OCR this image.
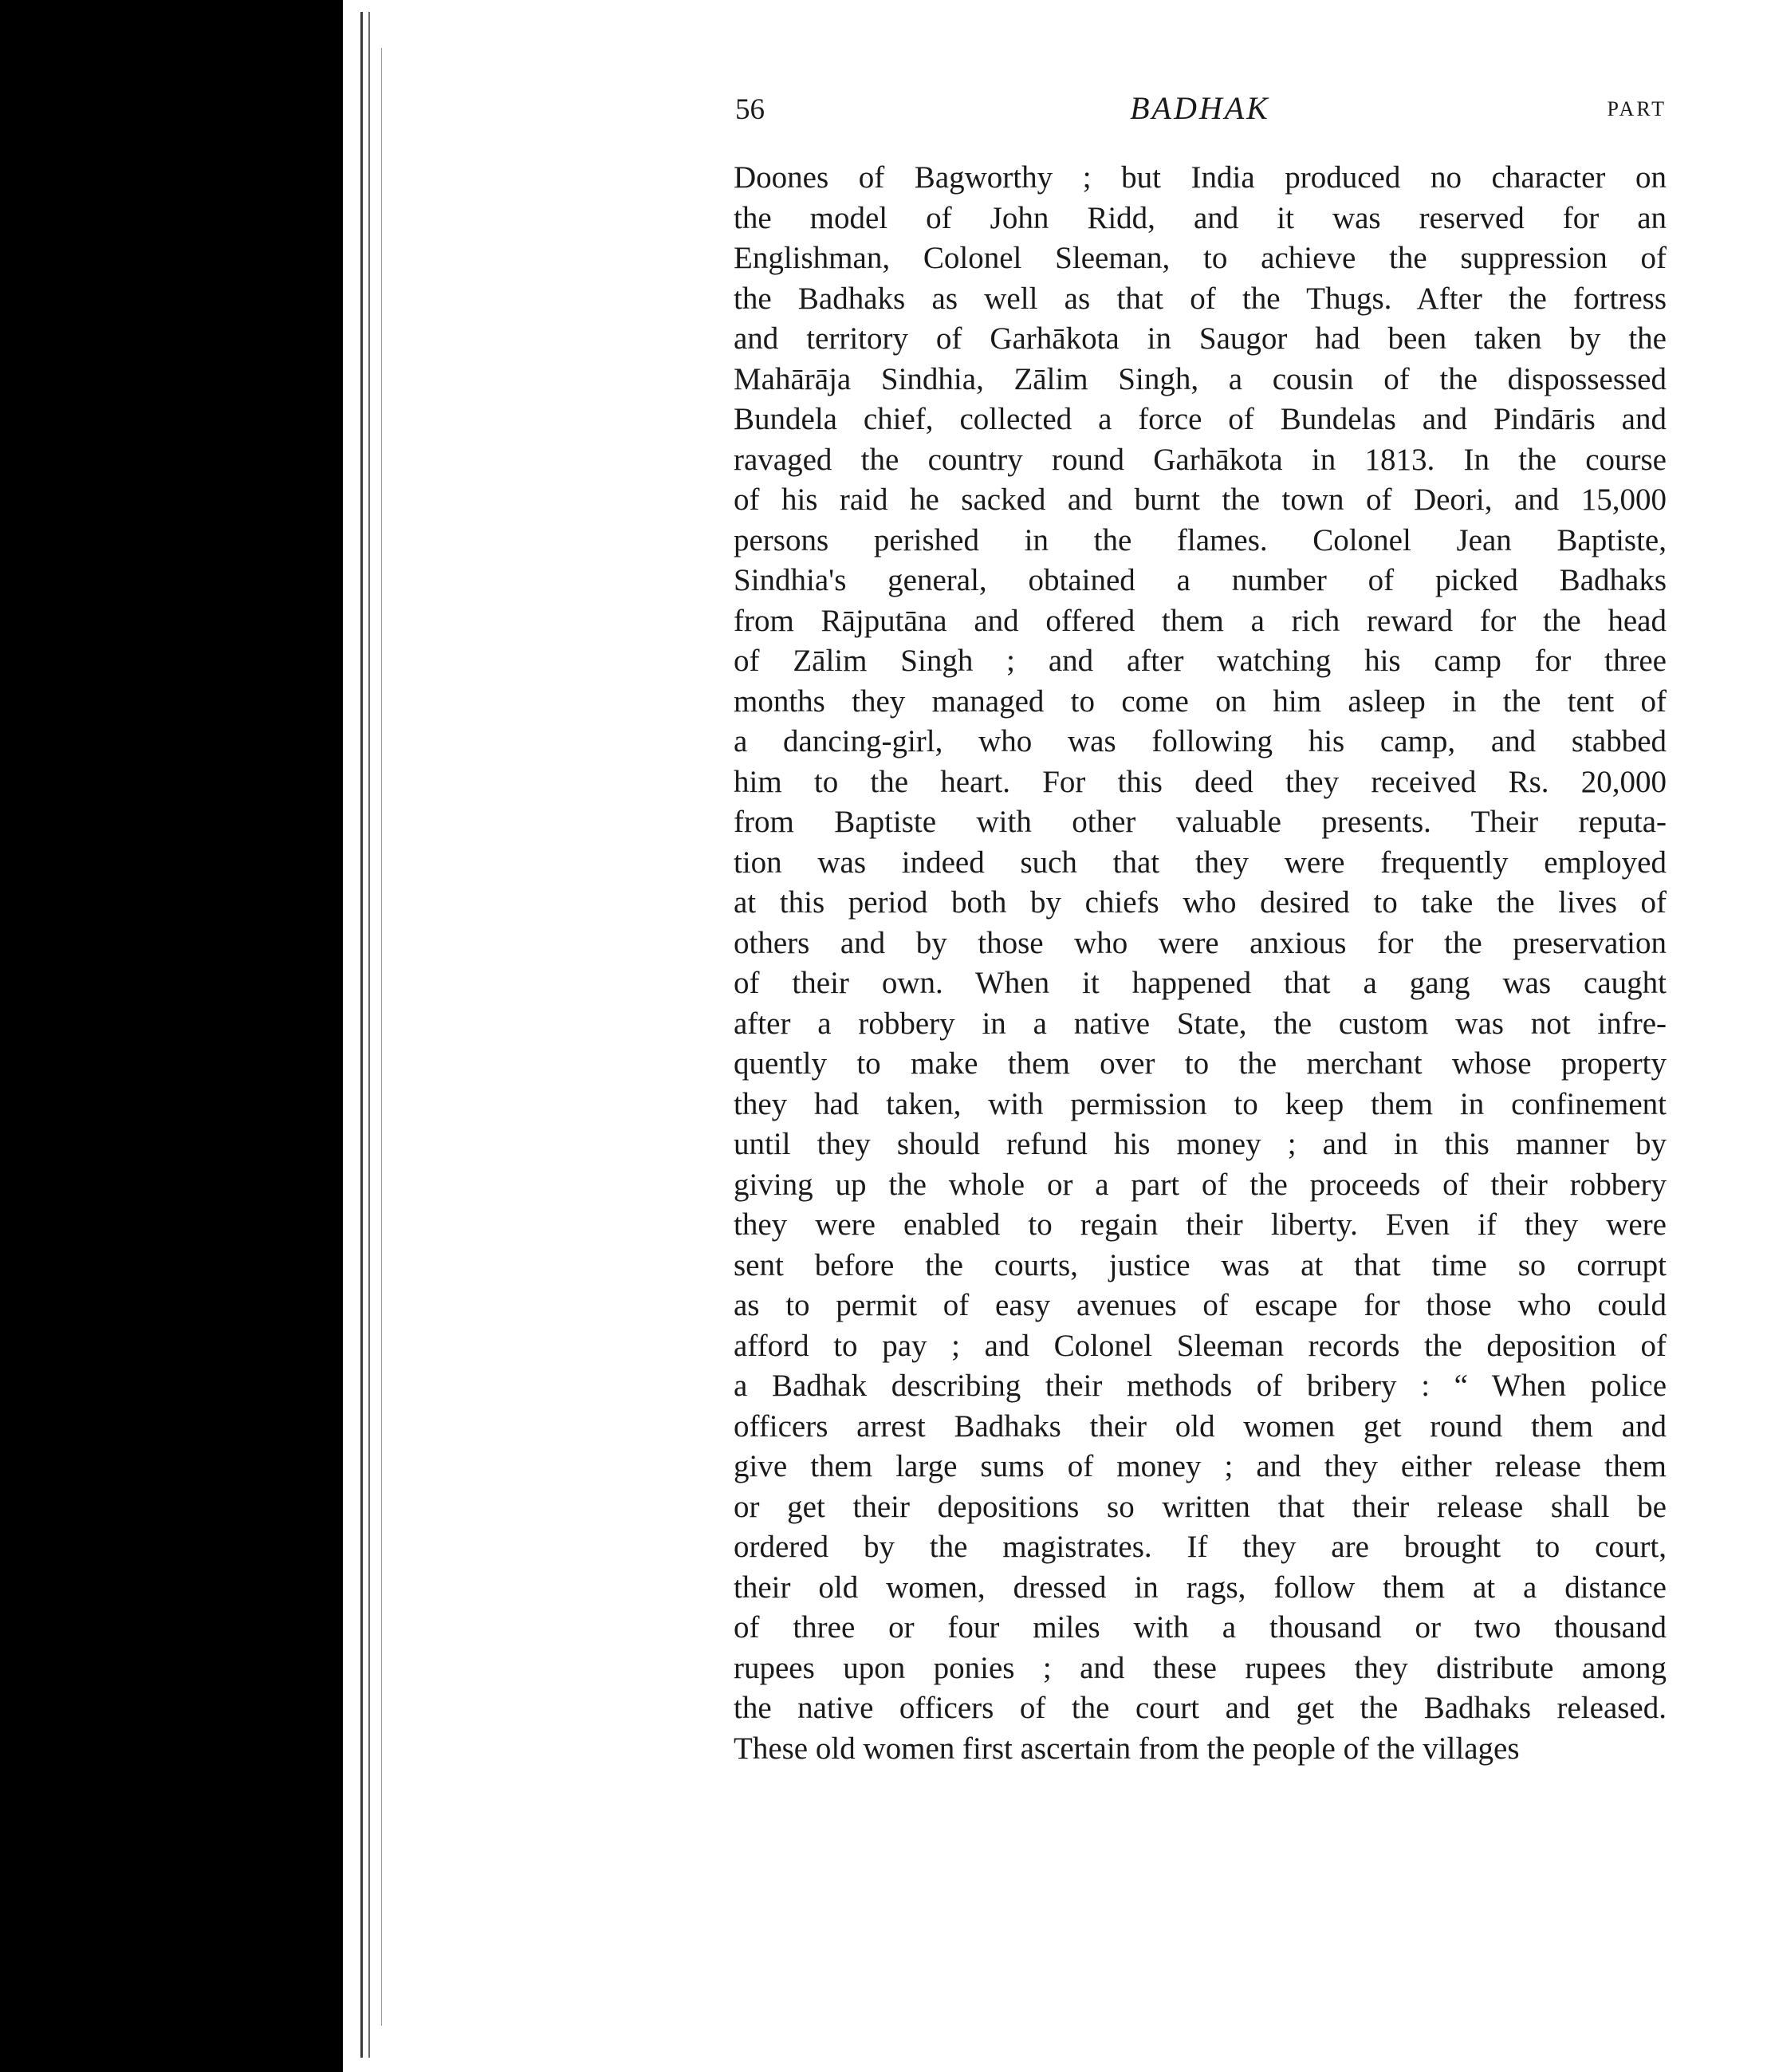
56	BADHAK	PART
Doones of Bagworthy ; but India produced no character on
the model of John Ridd, and it was reserved for an
Englishman, Colonel Sleeman, to achieve the suppression of
the Badhaks as well as that of the Thugs. After the fortress
and territory of Garhākota in Saugor had been taken by the
Mahārāja Sindhia, Zālim Singh, a cousin of the dispossessed
Bundela chief, collected a force of Bundelas and Pindāris and
ravaged the country round Garhākota in 1813. In the course
of his raid he sacked and burnt the town of Deori, and 15,000
persons perished in the flames. Colonel Jean Baptiste,
Sindhia's general, obtained a number of picked Badhaks
from Rājputāna and offered them a rich reward for the head
of Zālim Singh ; and after watching his camp for three
months they managed to come on him asleep in the tent of
a dancing-girl, who was following his camp, and stabbed
him to the heart. For this deed they received Rs. 20,000
from Baptiste with other valuable presents. Their reputa-
tion was indeed such that they were frequently employed
at this period both by chiefs who desired to take the lives of
others and by those who were anxious for the preservation
of their own. When it happened that a gang was caught
after a robbery in a native State, the custom was not infre-
quently to make them over to the merchant whose property
they had taken, with permission to keep them in confinement
until they should refund his money ; and in this manner by
giving up the whole or a part of the proceeds of their robbery
they were enabled to regain their liberty. Even if they were
sent before the courts, justice was at that time so corrupt
as to permit of easy avenues of escape for those who could
afford to pay ; and Colonel Sleeman records the deposition of
a Badhak describing their methods of bribery : “ When police
officers arrest Badhaks their old women get round them and
give them large sums of money ; and they either release them
or get their depositions so written that their release shall be
ordered by the magistrates. If they are brought to court,
their old women, dressed in rags, follow them at a distance
of three or four miles with a thousand or two thousand
rupees upon ponies ; and these rupees they distribute among
the native officers of the court and get the Badhaks released.
These old women first ascertain from the people of the villages
